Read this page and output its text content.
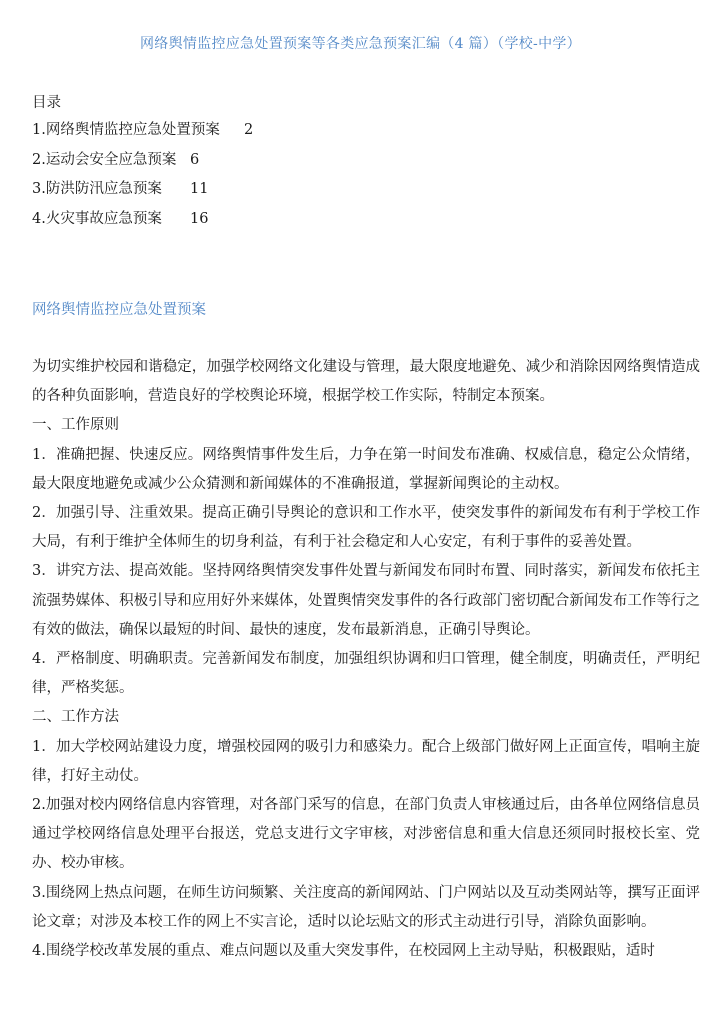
网络舆情监控应急处置预案等各类应急预案汇编（4 篇）（学校-中学）
目录
1.网络舆情监控应急处置预案	2
2.运动会安全应急预案 6
3.防洪防汛应急预案	11
4.火灾事故应急预案	16
网络舆情监控应急处置预案

为切实维护校园和谐稳定，加强学校网络文化建设与管理，最大限度地避免、减少和消除因网络舆情造成的各种负面影响，营造良好的学校舆论环境，根据学校工作实际，特制定本预案。

一、工作原则

1．准确把握、快速反应。网络舆情事件发生后，力争在第一时间发布准确、权威信息，稳定公众情绪，最大限度地避免或减少公众猜测和新闻媒体的不准确报道，掌握新闻舆论的主动权。

2．加强引导、注重效果。提高正确引导舆论的意识和工作水平，使突发事件的新闻发布有利于学校工作大局，有利于维护全体师生的切身利益，有利于社会稳定和人心安定，有利于事件的妥善处置。

3．讲究方法、提高效能。坚持网络舆情突发事件处置与新闻发布同时布置、同时落实，新闻发布依托主流强势媒体、积极引导和应用好外来媒体，处置舆情突发事件的各行政部门密切配合新闻发布工作等行之有效的做法，确保以最短的时间、最快的速度，发布最新消息，正确引导舆论。

4．严格制度、明确职责。完善新闻发布制度，加强组织协调和归口管理，健全制度，明确责任，严明纪律，严格奖惩。

二、工作方法

1．加大学校网站建设力度，增强校园网的吸引力和感染力。配合上级部门做好网上正面宣传，唱响主旋律，打好主动仗。

2.加强对校内网络信息内容管理，对各部门采写的信息，在部门负责人审核通过后，由各单位网络信息员通过学校网络信息处理平台报送，党总支进行文字审核，对涉密信息和重大信息还须同时报校长室、党办、校办审核。

3.围绕网上热点问题，在师生访问频繁、关注度高的新闻网站、门户网站以及互动类网站等，撰写正面评论文章；对涉及本校工作的网上不实言论，适时以论坛贴文的形式主动进行引导，消除负面影响。

4.围绕学校改革发展的重点、难点问题以及重大突发事件，在校园网上主动导贴，积极跟贴，适时
